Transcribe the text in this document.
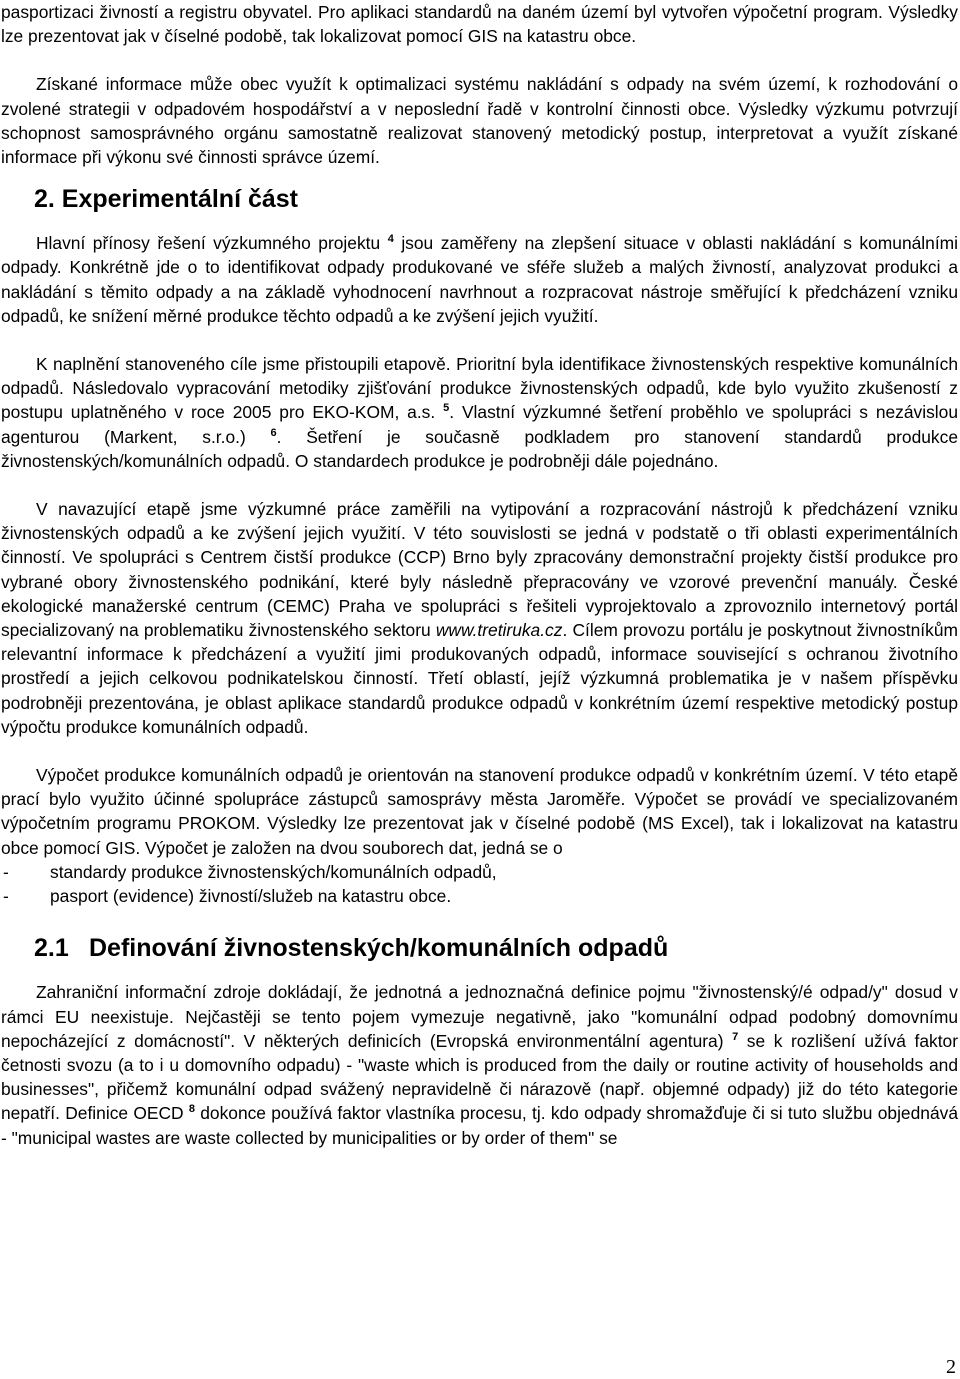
pasportizaci živností a registru obyvatel. Pro aplikaci standardů na daném území byl vytvořen výpočetní program. Výsledky lze prezentovat jak v číselné podobě, tak lokalizovat pomocí GIS na katastru obce.

Získané informace může obec využít k optimalizaci systému nakládání s odpady na svém území, k rozhodování o zvolené strategii v odpadovém hospodářství a v neposlední řadě v kontrolní činnosti obce. Výsledky výzkumu potvrzují schopnost samosprávného orgánu samostatně realizovat stanovený metodický postup, interpretovat a využít získané informace při výkonu své činnosti správce území.

2. Experimentální část

Hlavní přínosy řešení výzkumného projektu $^4$ jsou zaměřeny na zlepšení situace v oblasti nakládání s komunálními odpady. Konkrétně jde o to identifikovat odpady produkované ve sféře služeb a malých živností, analyzovat produkci a nakládání s těmito odpady a na základě vyhodnocení navrhnout a rozpracovat nástroje směřující k předcházení vzniku odpadů, ke snížení měrné produkce těchto odpadů a ke zvýšení jejich využití.

K naplnění stanoveného cíle jsme přistoupili etapově. Prioritní byla identifikace živnostenských respektive komunálních odpadů. Následovalo vypracování metodiky zjišťování produkce živnostenských odpadů, kde bylo využito zkušeností z postupu uplatněného v roce 2005 pro EKO-KOM, a.s. $^5$. Vlastní výzkumné šetření proběhlo ve spolupráci s nezávislou agenturou (Markent, s.r.o.) $^6$. Šetření je současně podkladem pro stanovení standardů produkce živnostenských/komunálních odpadů. O standardech produkce je podrobněji dále pojednáno.

V navazující etapě jsme výzkumné práce zaměřili na vytipování a rozpracování nástrojů k předcházení vzniku živnostenských odpadů a ke zvýšení jejich využití. V této souvislosti se jedná v podstatě o tři oblasti experimentálních činností. Ve spolupráci s Centrem čistší produkce (CCP) Brno byly zpracovány demonstrační projekty čistší produkce pro vybrané obory živnostenského podnikání, které byly následně přepracovány ve vzorové prevenční manuály. České ekologické manažerské centrum (CEMC) Praha ve spolupráci s řešiteli vyprojektovalo a zprovoznilo internetový portál specializovaný na problematiku živnostenského sektoru www.tretiruka.cz. Cílem provozu portálu je poskytnout živnostníkům relevantní informace k předcházení a využití jimi produkovaných odpadů, informace související s ochranou životního prostředí a jejich celkovou podnikatelskou činností. Třetí oblastí, jejíž výzkumná problematika je v našem příspěvku podrobněji prezentována, je oblast aplikace standardů produkce odpadů v konkrétním území respektive metodický postup výpočtu produkce komunálních odpadů.

Výpočet produkce komunálních odpadů je orientován na stanovení produkce odpadů v konkrétním území. V této etapě prací bylo využito účinné spolupráce zástupců samosprávy města Jaroměře. Výpočet se provádí ve specializovaném výpočetním programu PROKOM. Výsledky lze prezentovat jak v číselné podobě (MS Excel), tak i lokalizovat na katastru obce pomocí GIS. Výpočet je založen na dvou souborech dat, jedná se o

- standardy produkce živnostenských/komunálních odpadů,
- pasport (evidence) živností/služeb na katastru obce.
2.1 Definování živnostenských/komunálních odpadů

Zahraniční informační zdroje dokládají, že jednotná a jednoznačná definice pojmu "živnostenský/é odpad/y" dosud v rámci EU neexistuje. Nejčastěji se tento pojem vymezuje negativně, jako "komunální odpad podobný domovnímu nepocházející z domácností". V některých definicích (Evropská environmentální agentura) $^7$ se k rozlišení užívá faktor četnosti svozu (a to i u domovního odpadu) - "waste which is produced from the daily or routine activity of households and businesses", přičemž komunální odpad svážený nepravidelně či nárazově (např. objemné odpady) již do této kategorie nepatří. Definice OECD $^8$ dokonce používá faktor vlastníka procesu, tj. kdo odpady shromažďuje či si tuto službu objednává - "municipal wastes are waste collected by municipalities or by order of them" se

2
